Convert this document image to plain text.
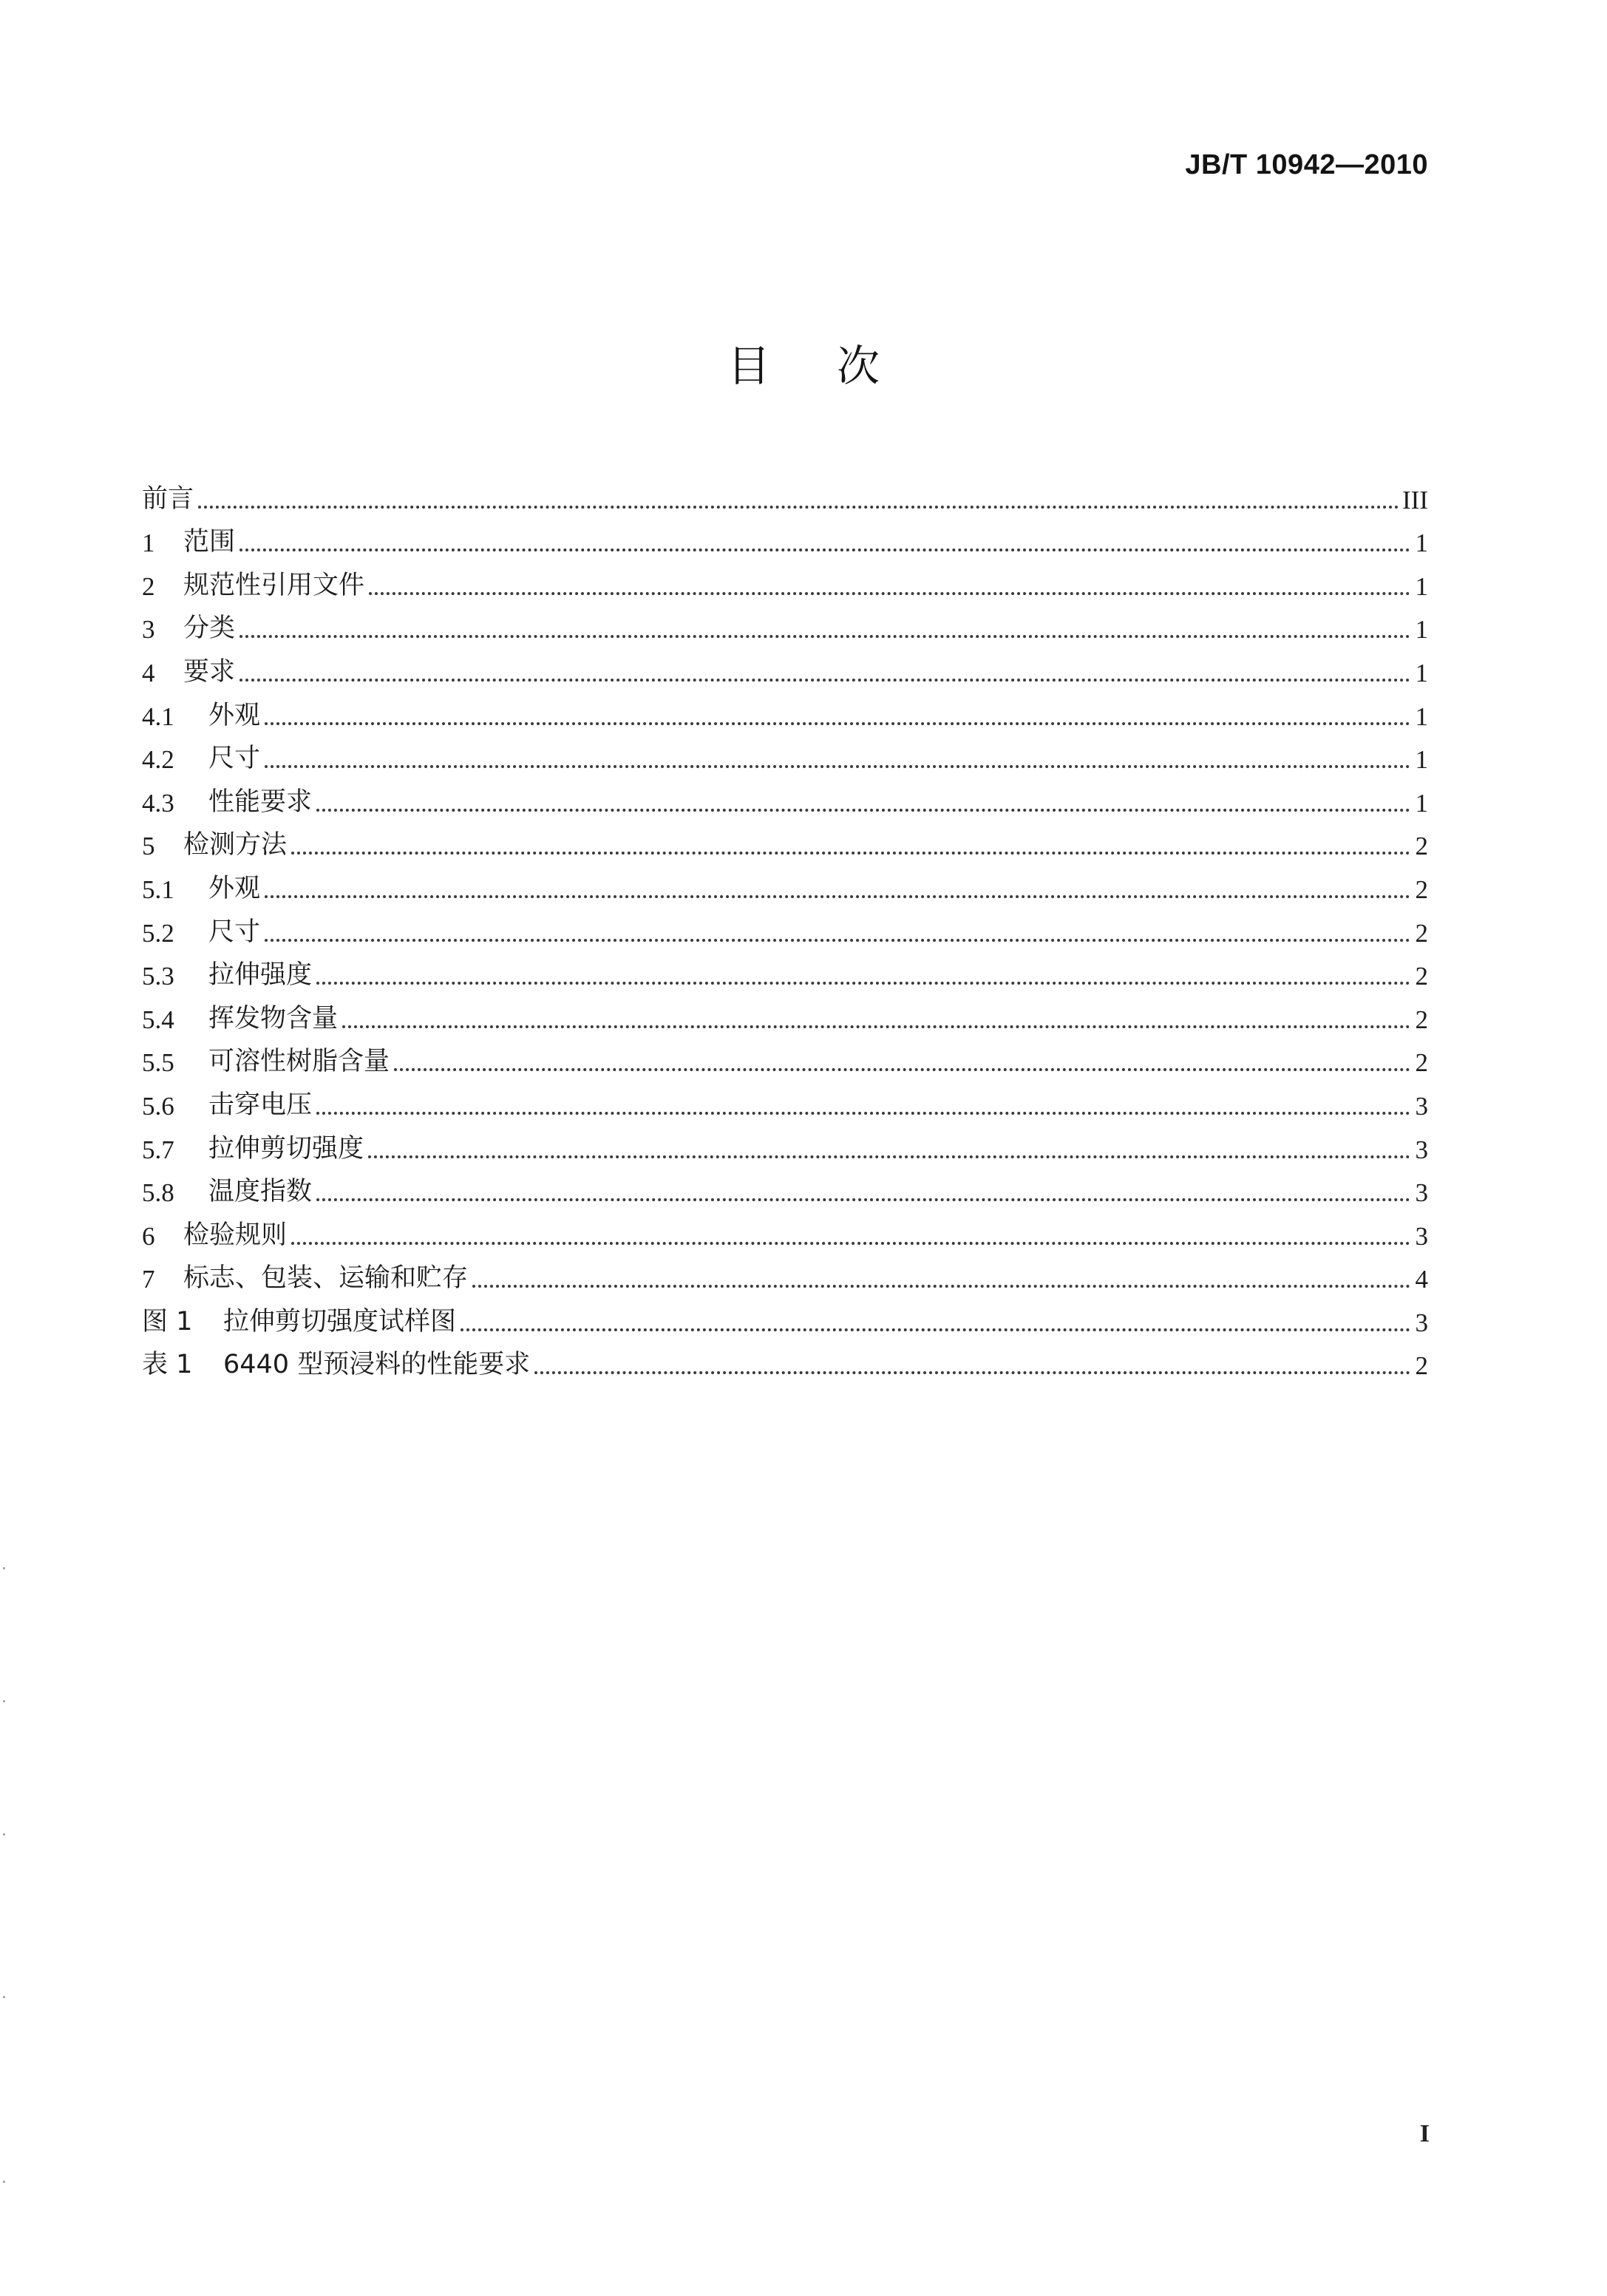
JB/T 10942—2010
目次
前言	III
1	范围	1
2	规范性引用文件	1
3	分类	1
4	要求	1
4.1	外观	1
4.2	尺寸	1
4.3	性能要求	1
5	检测方法	2
5.1	外观	2
5.2	尺寸	2
5.3	拉伸强度	2
5.4	挥发物含量	2
5.5	可溶性树脂含量	2
5.6	击穿电压	3
5.7	拉伸剪切强度	3
5.8	温度指数	3
6	检验规则	3
7	标志、包装、运输和贮存	4
图 1	拉伸剪切强度试样图	3
表 1	6440 型预浸料的性能要求	2
I
